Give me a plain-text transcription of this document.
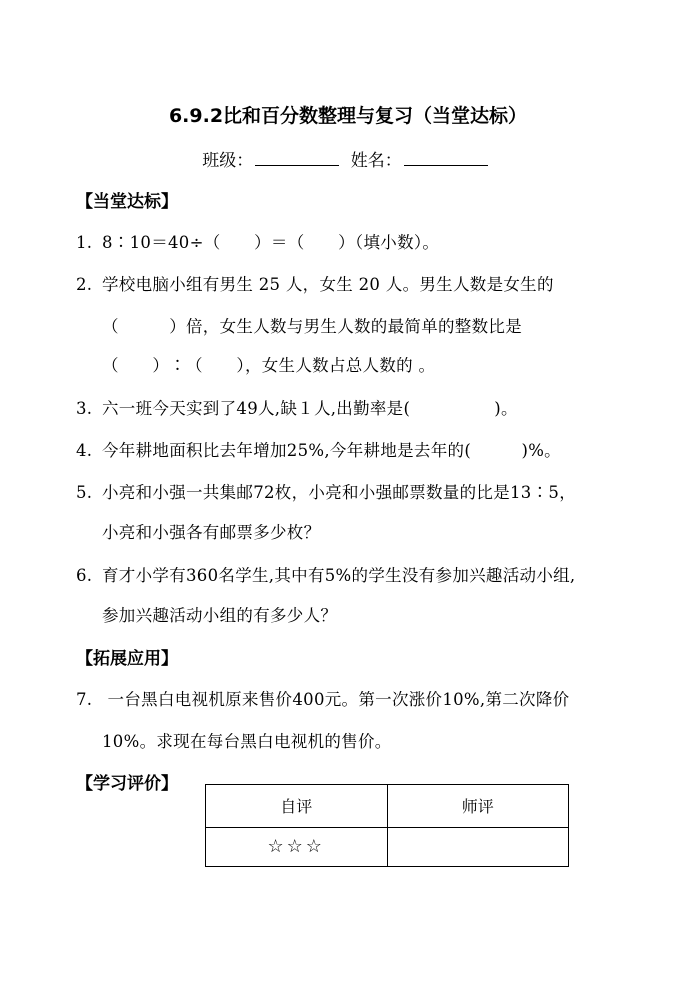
6.9.2比和百分数整理与复习（当堂达标）
班级：	姓名：
【当堂达标】
1. 8∶10＝40÷（　　）＝（　　）（填小数）。
2. 学校电脑小组有男生 25 人，女生 20 人。男生人数是女生的
（　　　）倍，女生人数与男生人数的最简单的整数比是
（　　）∶（　　），女生人数占总人数的 。
3. 六一班今天实到了49人,缺１人,出勤率是(　　　　　)。
4. 今年耕地面积比去年增加25%,今年耕地是去年的(　　　)%。
5. 小亮和小强一共集邮72枚，小亮和小强邮票数量的比是13∶5，
小亮和小强各有邮票多少枚？
6. 育才小学有360名学生,其中有5%的学生没有参加兴趣活动小组,
参加兴趣活动小组的有多少人？
【拓展应用】
7. 一台黑白电视机原来售价400元。第一次涨价10%,第二次降价
10%。求现在每台黑白电视机的售价。
【学习评价】
自评	师评
☆☆☆	
